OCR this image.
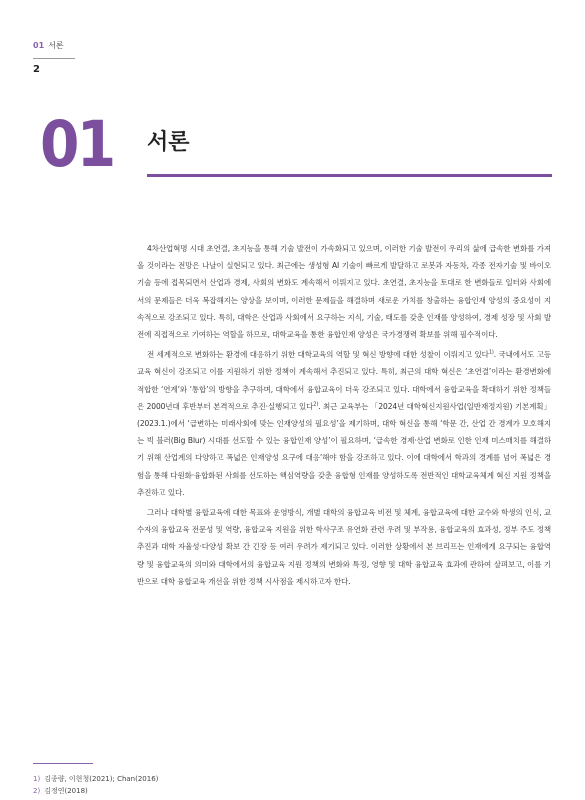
01 서론
2
01 서론

4차산업혁명 시대 초연결, 초지능을 통해 기술 발전이 가속화되고 있으며, 이러한 기술 발전이 우리의 삶에 급속한 변화를 가져올 것이라는 전망은 나날이 실현되고 있다. 최근에는 생성형 AI 기술이 빠르게 발달하고 로봇과 자동차, 각종 전자기술 및 바이오기술 등에 접목되면서 산업과 경제, 사회의 변화도 계속해서 이뤄지고 있다. 초연결, 초지능을 토대로 한 변화들로 일터와 사회에서의 문제들은 더욱 복잡해지는 양상을 보이며, 이러한 문제들을 해결하며 새로운 가치를 창출하는 융합인재 양성의 중요성이 지속적으로 강조되고 있다. 특히, 대학은 산업과 사회에서 요구하는 지식, 기술, 태도를 갖춘 인재를 양성하여, 경제 성장 및 사회 발전에 직접적으로 기여하는 역할을 하므로, 대학교육을 통한 융합인재 양성은 국가경쟁력 확보를 위해 필수적이다.

전 세계적으로 변화하는 환경에 대응하기 위한 대학교육의 역할 및 혁신 방향에 대한 성찰이 이뤄지고 있다$^{1)}$. 국내에서도 고등교육 혁신이 강조되고 이를 지원하기 위한 정책이 계속해서 추진되고 있다. 특히, 최근의 대학 혁신은 ‘초연결’이라는 환경변화에 적합한 ‘연계’와 ‘통합’의 방향을 추구하며, 대학에서 융합교육이 더욱 강조되고 있다. 대학에서 융합교육을 확대하기 위한 정책들은 2000년대 후반부터 본격적으로 추진·실행되고 있다$^{2)}$. 최근 교육부는 「2024년 대학혁신지원사업(일반재정지원) 기본계획」(2023.1.)에서 ‘급변하는 미래사회에 맞는 인재양성의 필요성’을 제기하며, 대학 혁신을 통해 ‘학문 간, 산업 간 경계가 모호해지는 빅 블러(Big Blur) 시대를 선도할 수 있는 융합인재 양성’이 필요하며, ‘급속한 경제·산업 변화로 인한 인재 미스매치를 해결하기 위해 산업계의 다양하고 폭넓은 인재양성 요구에 대응’해야 함을 강조하고 있다. 이에 대학에서 학과의 경계를 넘어 폭넓은 경험을 통해 다원화·융합화된 사회를 선도하는 핵심역량을 갖춘 융합형 인재를 양성하도록 전반적인 대학교육체계 혁신 지원 정책을 추진하고 있다.

그러나 대학별 융합교육에 대한 목표와 운영방식, 개별 대학의 융합교육 비전 및 체계, 융합교육에 대한 교수와 학생의 인식, 교수자의 융합교육 전문성 및 역량, 융합교육 지원을 위한 학사구조 유연화 관련 우려 및 부작용, 융합교육의 효과성, 정부 주도 정책 추진과 대학 자율성·다양성 확보 간 긴장 등 여러 우려가 제기되고 있다. 이러한 상황에서 본 브리프는 인재에게 요구되는 융합역량 및 융합교육의 의미와 대학에서의 융합교육 지원 정책의 변화와 특징, 영향 및 대학 융합교육 효과에 관하여 살펴보고, 이를 기반으로 대학 융합교육 개선을 위한 정책 시사점을 제시하고자 한다.

1) 김종량, 이현청(2021); Chan(2016)
2) 김정연(2018)
